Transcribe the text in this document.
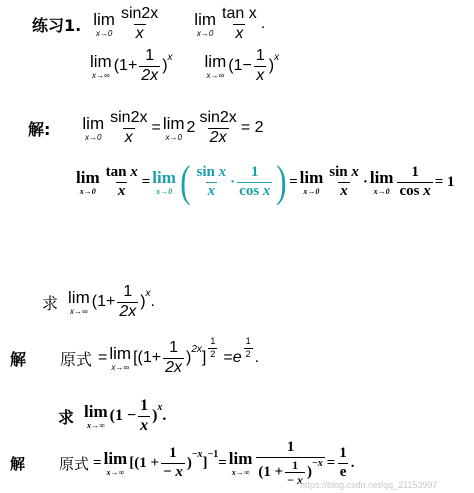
练习1. lim
$x\to 0 \frac{\sin 2x}{x}$ lim
$x\to 0 \frac{\text{tan x}}{x}$ .
lim
x→∞
($1+ \frac{1}{2x}$ ) x lim
x→∞
($1- \frac{1}{x}$ ) x
解: lim
$x\to 0 \frac{\sin 2x}{x} = \lim$
x→0
$2 \frac{\sin 2x}{2x} = 2$
lim
$x\to 0 \frac{\text{tan x}}{x} = \lim$
x→0 ( $\frac{\text{sin x}}{x} \cdot \frac{1}{\text{cos x}}$ ) = lim
$x\to 0 \frac{\text{sin x}}{x} \cdot \lim$
$x\to 0 \frac{1}{\text{cos x}} = 1$
求 lim
x→∞
($1+ \frac{1}{2x}$ ) x .
解 原式 = lim
x→∞
[($1+ \frac{1}{2x}$ ) 2x ] $\frac{1}{2} = e \frac{1}{2}$ .
求 lim
x→∞
($1 - \frac{1}{x}$ ) x .
解 原式 = lim
x→∞
[($1 + \frac{1}{- x}$ )
−x
]
−1
= lim
x→∞ 1
($1 + \frac{1}{- x}$ )
$-x = \frac{1}{e}$ .
https://blog.csdn.net/qq_21153997
